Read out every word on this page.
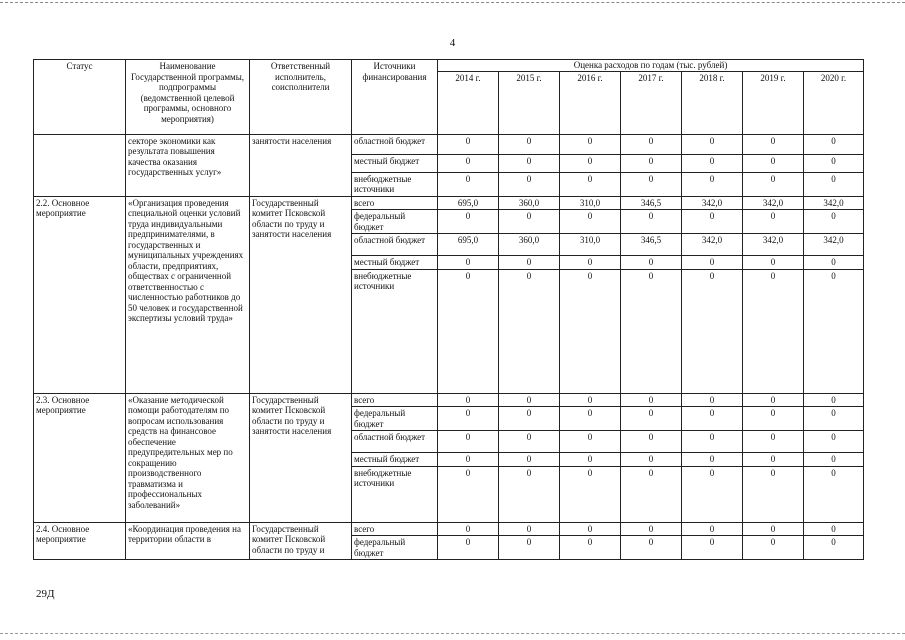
4
Статус	Наименование Государственной программы, подпрограммы (ведомственной целевой программы, основного мероприятия)	Ответственный исполнитель, соисполнители	Источники финансирования	Оценка расходов по годам (тыс. рублей)						
				2014 г.	2015 г.	2016 г.	2017 г.	2018 г.	2019 г.	2020 г.
	секторе экономики как результата повышения качества оказания государственных услуг»	занятости населения	областной бюджет	0	0	0	0	0	0	0
			местный бюджет	0	0	0	0	0	0	0
			внебюджетные источники	0	0	0	0	0	0	0
2.2. Основное мероприятие	«Организация проведения специальной оценки условий труда индивидуальными предпринимателями, в государственных и муниципальных учреждениях области, предприятиях, обществах с ограниченной ответственностью с численностью работников до 50 человек и государственной экспертизы условий труда»	Государственный комитет Псковской области по труду и занятости населения	всего	695,0	360,0	310,0	346,5	342,0	342,0	342,0
			федеральный бюджет	0	0	0	0	0	0	0
			областной бюджет	695,0	360,0	310,0	346,5	342,0	342,0	342,0
			местный бюджет	0	0	0	0	0	0	0
			внебюджетные источники	0	0	0	0	0	0	0
2.3. Основное мероприятие	«Оказание методической помощи работодателям по вопросам использования средств на финансовое обеспечение предупредительных мер по сокращению производственного травматизма и профессиональных заболеваний»	Государственный комитет Псковской области по труду и занятости населения	всего	0	0	0	0	0	0	0
			федеральный бюджет	0	0	0	0	0	0	0
			областной бюджет	0	0	0	0	0	0	0
			местный бюджет	0	0	0	0	0	0	0
			внебюджетные источники	0	0	0	0	0	0	0
2.4. Основное мероприятие	«Координация проведения на территории области в	Государственный комитет Псковской области по труду и	всего	0	0	0	0	0	0	0
			федеральный бюджет	0	0	0	0	0	0	0
29Д
